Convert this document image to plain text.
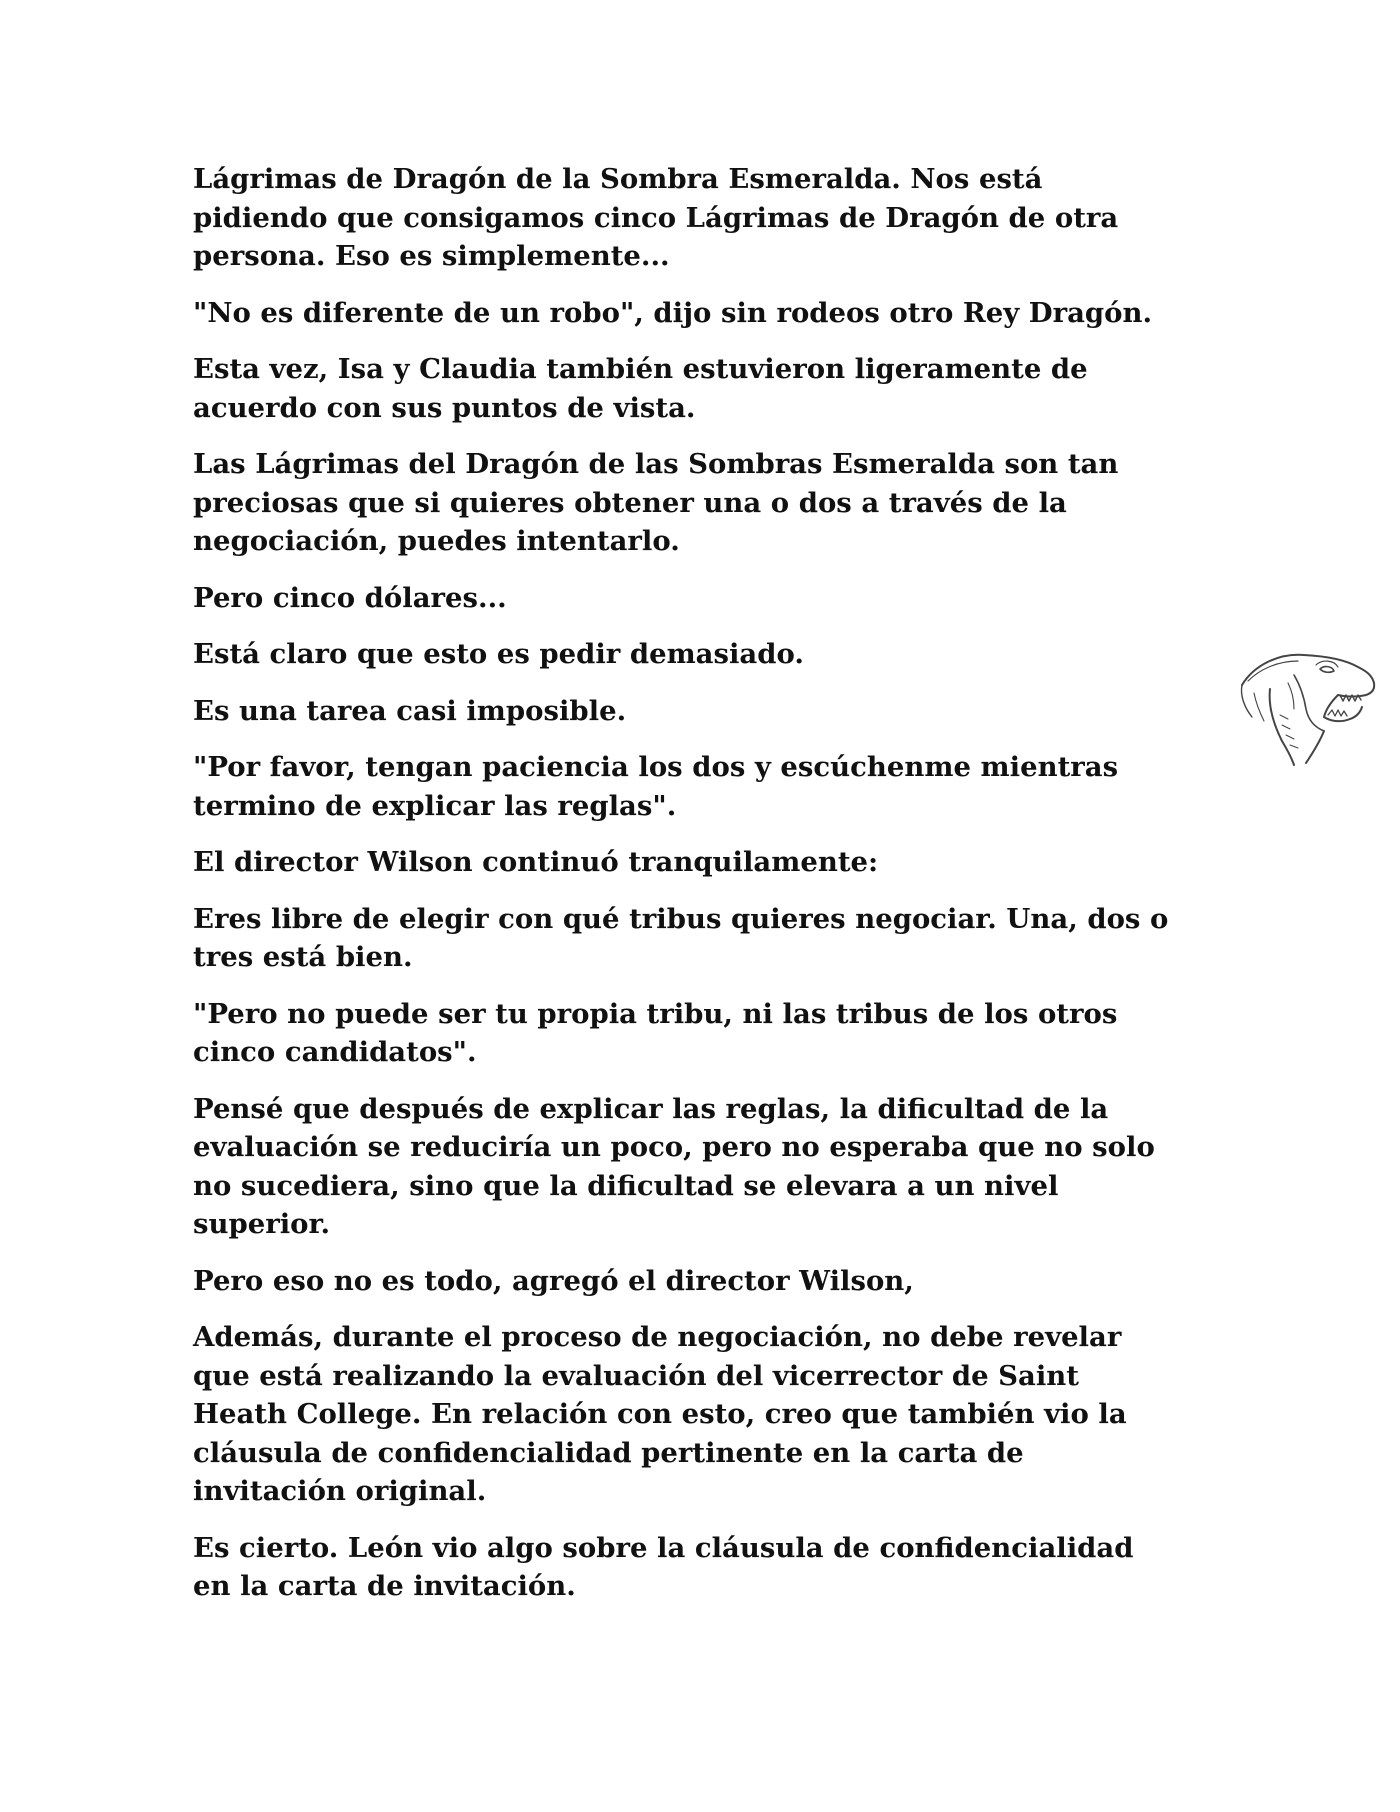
Lágrimas de Dragón de la Sombra Esmeralda. Nos está
pidiendo que consigamos cinco Lágrimas de Dragón de otra
persona. Eso es simplemente...

"No es diferente de un robo", dijo sin rodeos otro Rey Dragón.

Esta vez, Isa y Claudia también estuvieron ligeramente de
acuerdo con sus puntos de vista.

Las Lágrimas del Dragón de las Sombras Esmeralda son tan
preciosas que si quieres obtener una o dos a través de la
negociación, puedes intentarlo.

Pero cinco dólares...

Está claro que esto es pedir demasiado.

Es una tarea casi imposible.

"Por favor, tengan paciencia los dos y escúchenme mientras
termino de explicar las reglas".

El director Wilson continuó tranquilamente:

Eres libre de elegir con qué tribus quieres negociar. Una, dos o
tres está bien.

"Pero no puede ser tu propia tribu, ni las tribus de los otros
cinco candidatos".

Pensé que después de explicar las reglas, la dificultad de la
evaluación se reduciría un poco, pero no esperaba que no solo
no sucediera, sino que la dificultad se elevara a un nivel
superior.

Pero eso no es todo, agregó el director Wilson,

Además, durante el proceso de negociación, no debe revelar
que está realizando la evaluación del vicerrector de Saint
Heath College. En relación con esto, creo que también vio la
cláusula de confidencialidad pertinente en la carta de
invitación original.

Es cierto. León vio algo sobre la cláusula de confidencialidad
en la carta de invitación.
